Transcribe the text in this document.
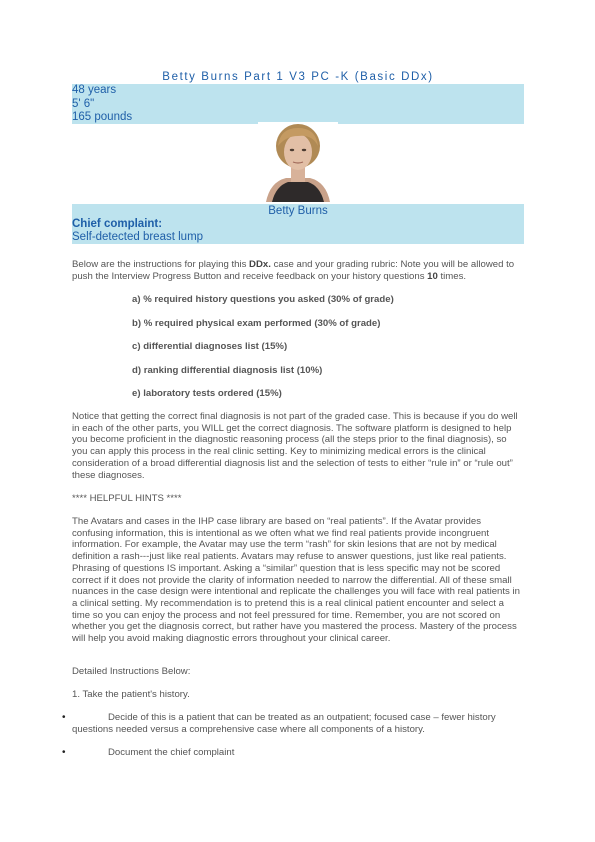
Betty Burns Part 1 V3 PC -K (Basic DDx)
48 years
5' 6"
165 pounds
Betty Burns
Chief complaint:
Self-detected breast lump
Below are the instructions for playing this DDx. case and your grading rubric: Note you will be allowed to push the Interview Progress Button and receive feedback on your history questions 10 times.
a) % required history questions you asked (30% of grade)
b) % required physical exam performed (30% of grade)
c) differential diagnoses list (15%)
d) ranking differential diagnosis list (10%)
e) laboratory tests ordered (15%)
Notice that getting the correct final diagnosis is not part of the graded case. This is because if you do well in each of the other parts, you WILL get the correct diagnosis. The software platform is designed to help you become proficient in the diagnostic reasoning process (all the steps prior to the final diagnosis), so you can apply this process in the real clinic setting. Key to minimizing medical errors is the clinical consideration of a broad differential diagnosis list and the selection of tests to either “rule in” or “rule out” these diagnoses.
**** HELPFUL HINTS ****
The Avatars and cases in the IHP case library are based on “real patients”. If the Avatar provides confusing information, this is intentional as we often what we find real patients provide incongruent information. For example, the Avatar may use the term “rash” for skin lesions that are not by medical definition a rash---just like real patients. Avatars may refuse to answer questions, just like real patients. Phrasing of questions IS important. Asking a “similar” question that is less specific may not be scored correct if it does not provide the clarity of information needed to narrow the differential. All of these small nuances in the case design were intentional and replicate the challenges you will face with real patients in a clinical setting. My recommendation is to pretend this is a real clinical patient encounter and select a time so you can enjoy the process and not feel pressured for time. Remember, you are not scored on whether you get the diagnosis correct, but rather have you mastered the process. Mastery of the process will help you avoid making diagnostic errors throughout your clinical career.
Detailed Instructions Below:
1. Take the patient's history.
•	Decide of this is a patient that can be treated as an outpatient; focused case – fewer history questions needed versus a comprehensive case where all components of a history.
•	Document the chief complaint
